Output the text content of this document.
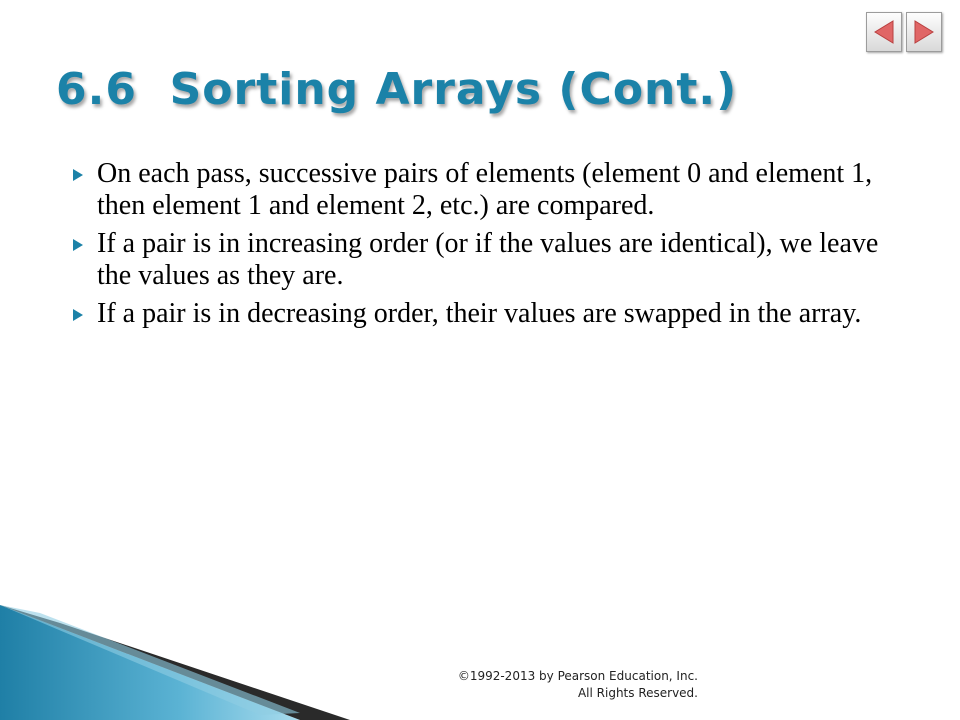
6.6  Sorting Arrays (Cont.)
On each pass, successive pairs of elements (element 0 and element 1, then element 1 and element 2, etc.) are compared.
If a pair is in increasing order (or if the values are identical), we leave the values as they are.
If a pair is in decreasing order, their values are swapped in the array.
©1992-2013 by Pearson Education, Inc.
All Rights Reserved.
